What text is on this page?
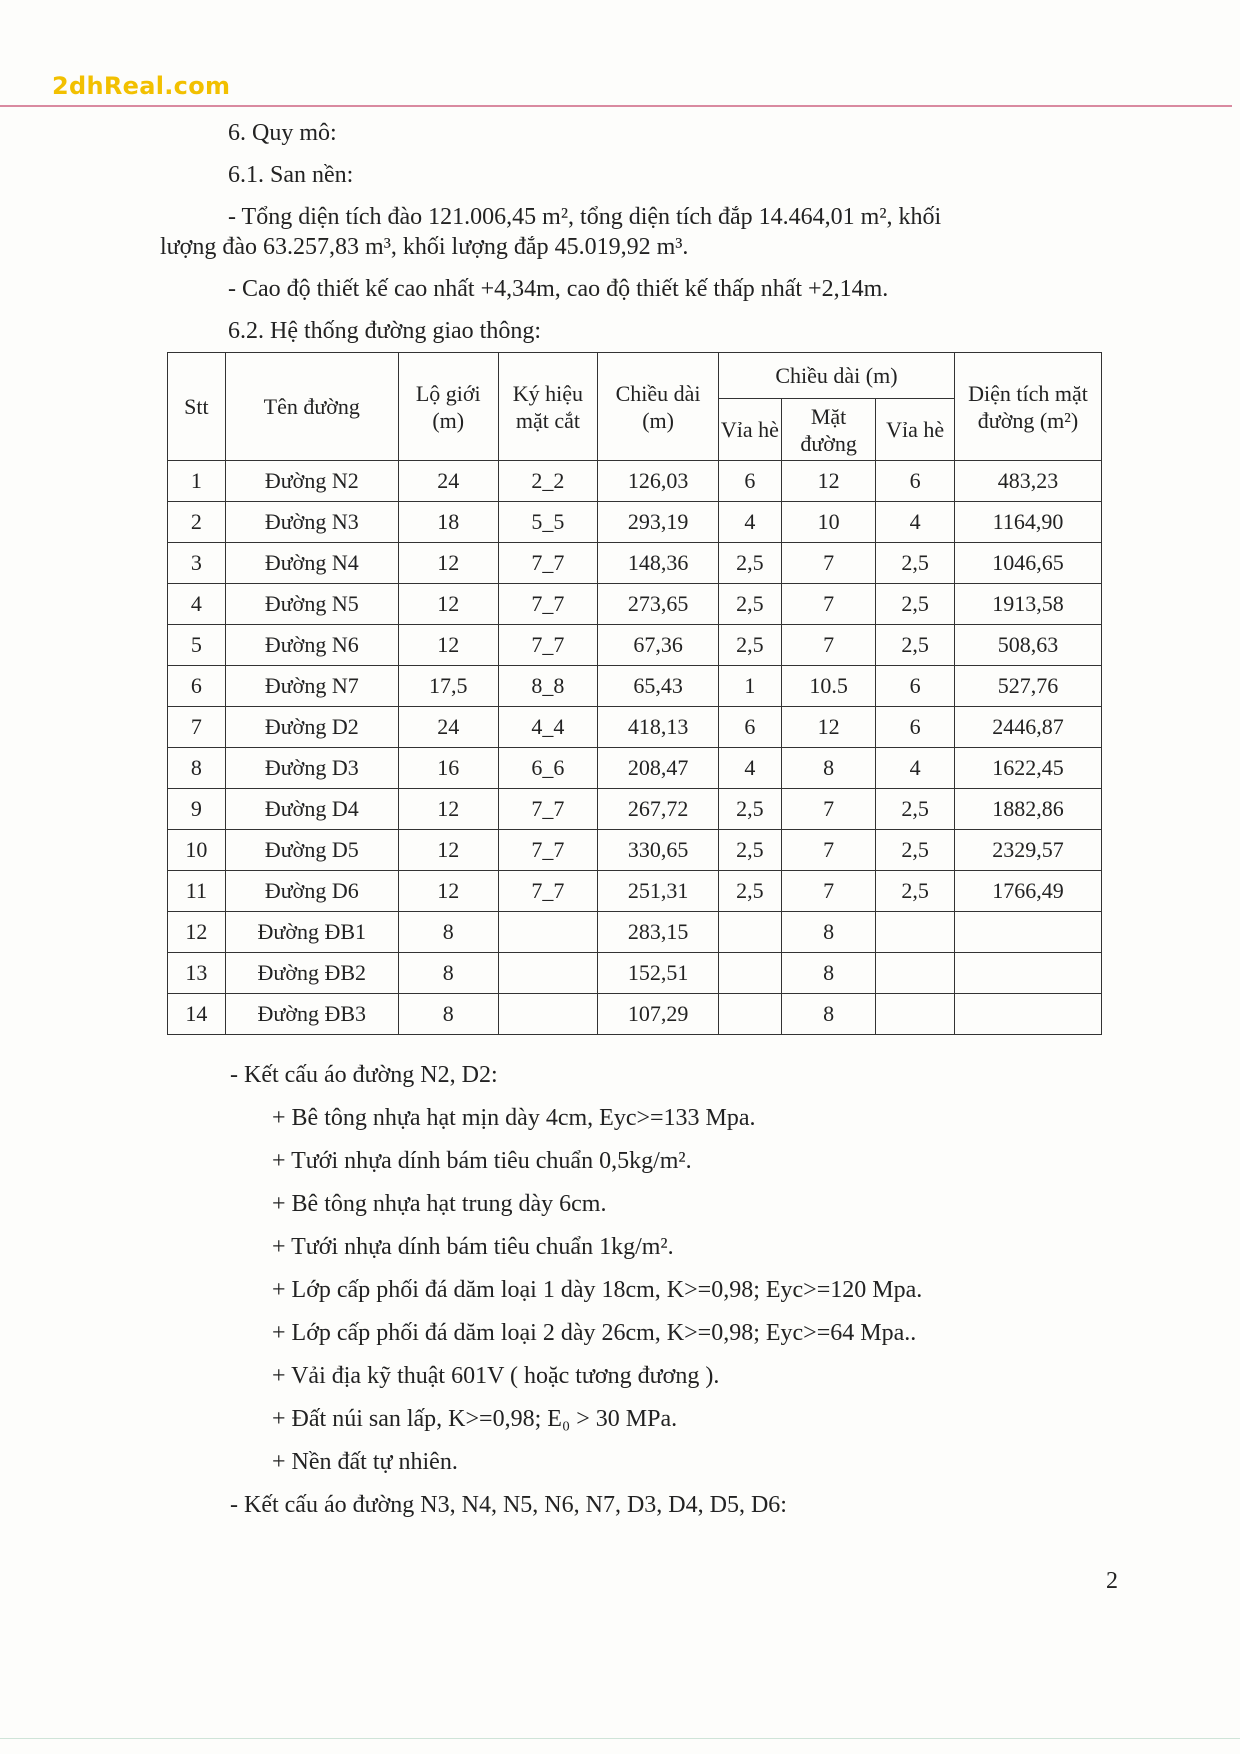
2dhReal.com

6. Quy mô:

6.1. San nền:

- Tổng diện tích đào 121.006,45 m², tổng diện tích đắp 14.464,01 m², khối

lượng đào 63.257,83 m³, khối lượng đắp 45.019,92 m³.

- Cao độ thiết kế cao nhất +4,34m, cao độ thiết kế thấp nhất +2,14m.

6.2. Hệ thống đường giao thông:

Stt	Tên đường	Lộ giới (m)	Ký hiệu mặt cắt	Chiều dài (m)	Chiều dài (m)			Diện tích mặt đường (m²)
					Vỉa hè	Mặt đường	Vỉa hè	
1	Đường N2	24	2_2	126,03	6	12	6	483,23
2	Đường N3	18	5_5	293,19	4	10	4	1164,90
3	Đường N4	12	7_7	148,36	2,5	7	2,5	1046,65
4	Đường N5	12	7_7	273,65	2,5	7	2,5	1913,58
5	Đường N6	12	7_7	67,36	2,5	7	2,5	508,63
6	Đường N7	17,5	8_8	65,43	1	10.5	6	527,76
7	Đường D2	24	4_4	418,13	6	12	6	2446,87
8	Đường D3	16	6_6	208,47	4	8	4	1622,45
9	Đường D4	12	7_7	267,72	2,5	7	2,5	1882,86
10	Đường D5	12	7_7	330,65	2,5	7	2,5	2329,57
11	Đường D6	12	7_7	251,31	2,5	7	2,5	1766,49
12	Đường ĐB1	8		283,15		8		
13	Đường ĐB2	8		152,51		8		
14	Đường ĐB3	8		107,29		8		

- Kết cấu áo đường N2, D2:

+ Bê tông nhựa hạt mịn dày 4cm, Eyc>=133 Mpa.

+ Tưới nhựa dính bám tiêu chuẩn 0,5kg/m².

+ Bê tông nhựa hạt trung dày 6cm.

+ Tưới nhựa dính bám tiêu chuẩn 1kg/m².

+ Lớp cấp phối đá dăm loại 1 dày 18cm, K>=0,98; Eyc>=120 Mpa.

+ Lớp cấp phối đá dăm loại 2 dày 26cm, K>=0,98; Eyc>=64 Mpa..

+ Vải địa kỹ thuật 601V ( hoặc tương đương ).

+ Đất núi san lấp, K>=0,98; E₀ > 30 MPa.

+ Nền đất tự nhiên.

- Kết cấu áo đường N3, N4, N5, N6, N7, D3, D4, D5, D6:

2
